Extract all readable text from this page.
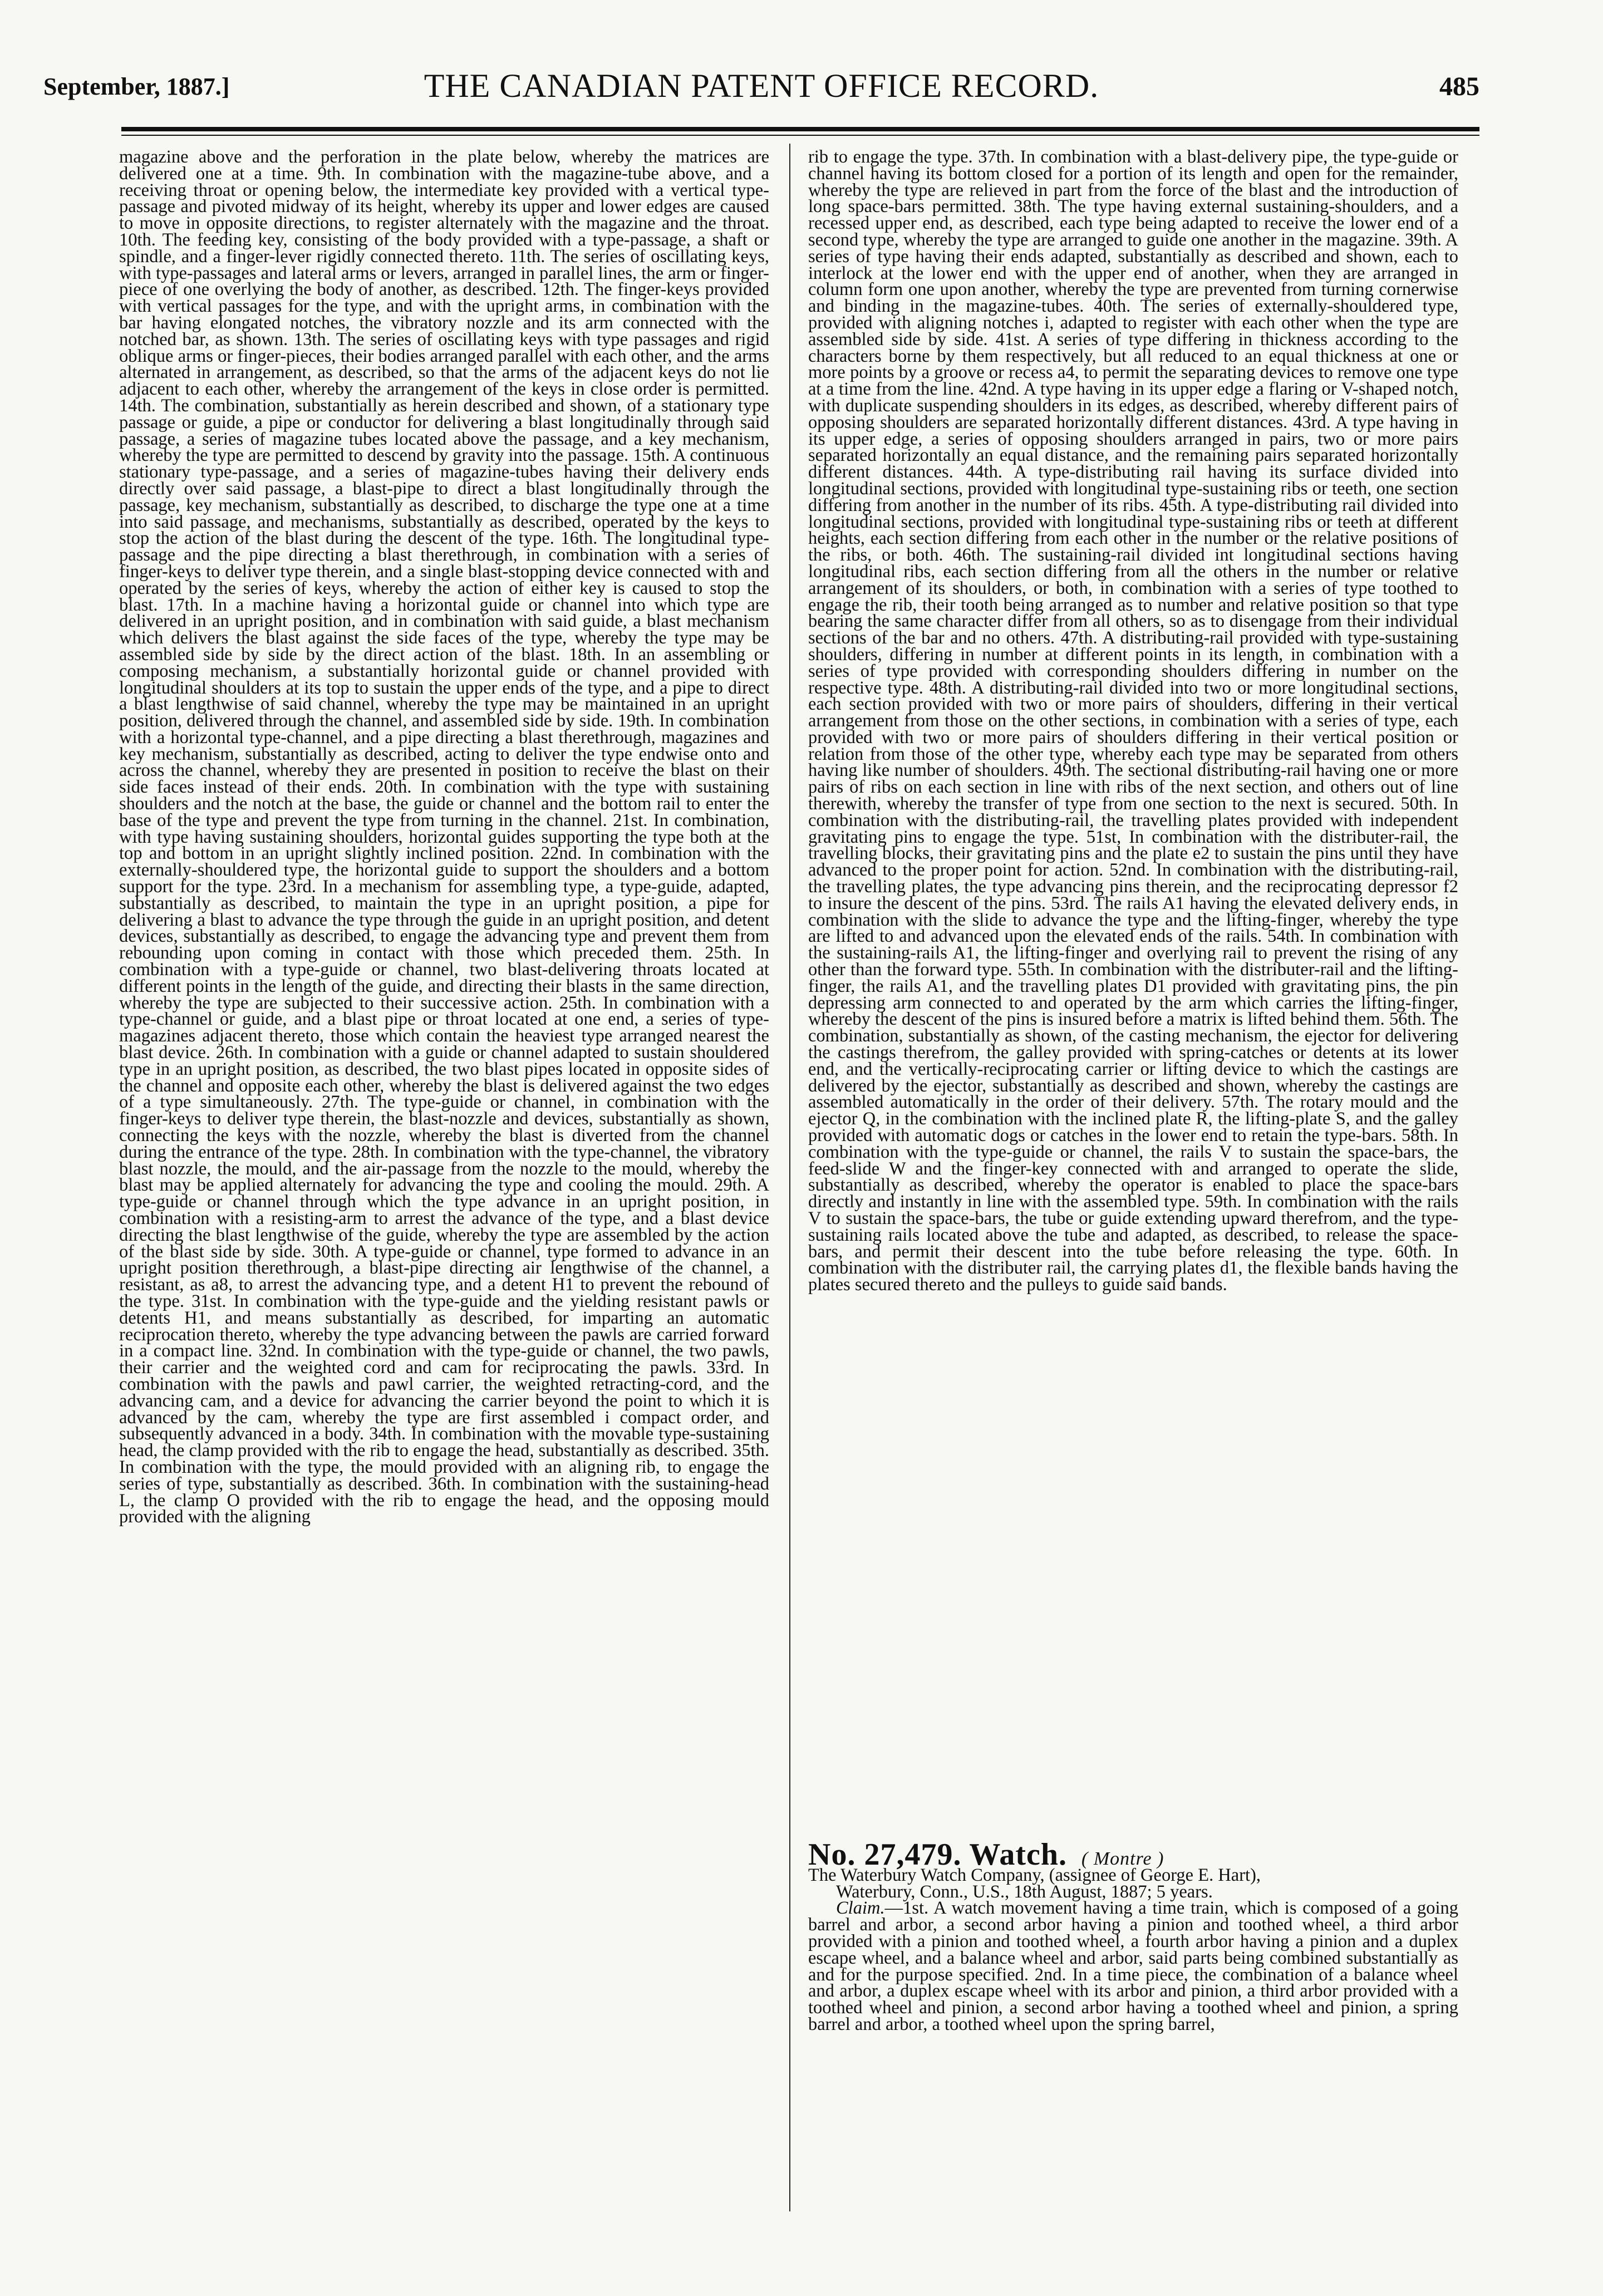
September, 1887.]	THE CANADIAN PATENT OFFICE RECORD.	485

magazine above and the perforation in the plate below, whereby the matrices are delivered one at a time. 9th. In combination with the magazine-tube above, and a receiving throat or opening below, the intermediate key provided with a vertical type-passage and pivoted midway of its height, whereby its upper and lower edges are caused to move in opposite directions, to register alternately with the magazine and the throat. 10th. The feeding key, consisting of the body provided with a type-passage, a shaft or spindle, and a finger-lever rigidly connected thereto. 11th. The series of oscillating keys, with type-passages and lateral arms or levers, arranged in parallel lines, the arm or finger-piece of one overlying the body of another, as described. 12th. The finger-keys provided with vertical passages for the type, and with the upright arms, in combination with the bar having elongated notches, the vibratory nozzle and its arm connected with the notched bar, as shown. 13th. The series of oscillating keys with type passages and rigid oblique arms or finger-pieces, their bodies arranged parallel with each other, and the arms alternated in arrangement, as described, so that the arms of the adjacent keys do not lie adjacent to each other, whereby the arrangement of the keys in close order is permitted. 14th. The combination, substantially as herein described and shown, of a stationary type passage or guide, a pipe or conductor for delivering a blast longitudinally through said passage, a series of magazine tubes located above the passage, and a key mechanism, whereby the type are permitted to descend by gravity into the passage. 15th. A continuous stationary type-passage, and a series of magazine-tubes having their delivery ends directly over said passage, a blast-pipe to direct a blast longitudinally through the passage, key mechanism, substantially as described, to discharge the type one at a time into said passage, and mechanisms, substantially as described, operated by the keys to stop the action of the blast during the descent of the type. 16th. The longitudinal type-passage and the pipe directing a blast therethrough, in combination with a series of finger-keys to deliver type therein, and a single blast-stopping device connected with and operated by the series of keys, whereby the action of either key is caused to stop the blast. 17th. In a machine having a horizontal guide or channel into which type are delivered in an upright position, and in combination with said guide, a blast mechanism which delivers the blast against the side faces of the type, whereby the type may be assembled side by side by the direct action of the blast. 18th. In an assembling or composing mechanism, a substantially horizontal guide or channel provided with longitudinal shoulders at its top to sustain the upper ends of the type, and a pipe to direct a blast lengthwise of said channel, whereby the type may be maintained in an upright position, delivered through the channel, and assembled side by side. 19th. In combination with a horizontal type-channel, and a pipe directing a blast therethrough, magazines and key mechanism, substantially as described, acting to deliver the type endwise onto and across the channel, whereby they are presented in position to receive the blast on their side faces instead of their ends. 20th. In combination with the type with sustaining shoulders and the notch at the base, the guide or channel and the bottom rail to enter the base of the type and prevent the type from turning in the channel. 21st. In combination, with type having sustaining shoulders, horizontal guides supporting the type both at the top and bottom in an upright slightly inclined position. 22nd. In combination with the externally-shouldered type, the horizontal guide to support the shoulders and a bottom support for the type. 23rd. In a mechanism for assembling type, a type-guide, adapted, substantially as described, to maintain the type in an upright position, a pipe for delivering a blast to advance the type through the guide in an upright position, and detent devices, substantially as described, to engage the advancing type and prevent them from rebounding upon coming in contact with those which preceded them. 25th. In combination with a type-guide or channel, two blast-delivering throats located at different points in the length of the guide, and directing their blasts in the same direction, whereby the type are subjected to their successive action. 25th. In combination with a type-channel or guide, and a blast pipe or throat located at one end, a series of type-magazines adjacent thereto, those which contain the heaviest type arranged nearest the blast device. 26th. In combination with a guide or channel adapted to sustain shouldered type in an upright position, as described, the two blast pipes located in opposite sides of the channel and opposite each other, whereby the blast is delivered against the two edges of a type simultaneously. 27th. The type-guide or channel, in combination with the finger-keys to deliver type therein, the blast-nozzle and devices, substantially as shown, connecting the keys with the nozzle, whereby the blast is diverted from the channel during the entrance of the type. 28th. In combination with the type-channel, the vibratory blast nozzle, the mould, and the air-passage from the nozzle to the mould, whereby the blast may be applied alternately for advancing the type and cooling the mould. 29th. A type-guide or channel through which the type advance in an upright position, in combination with a resisting-arm to arrest the advance of the type, and a blast device directing the blast lengthwise of the guide, whereby the type are assembled by the action of the blast side by side. 30th. A type-guide or channel, type formed to advance in an upright position therethrough, a blast-pipe directing air lengthwise of the channel, a resistant, as a8, to arrest the advancing type, and a detent H1 to prevent the rebound of the type. 31st. In combination with the type-guide and the yielding resistant pawls or detents H1, and means substantially as described, for imparting an automatic reciprocation thereto, whereby the type advancing between the pawls are carried forward in a compact line. 32nd. In combination with the type-guide or channel, the two pawls, their carrier and the weighted cord and cam for reciprocating the pawls. 33rd. In combination with the pawls and pawl carrier, the weighted retracting-cord, and the advancing cam, and a device for advancing the carrier beyond the point to which it is advanced by the cam, whereby the type are first assembled i compact order, and subsequently advanced in a body. 34th. In combination with the movable type-sustaining head, the clamp provided with the rib to engage the head, substantially as described. 35th. In combination with the type, the mould provided with an aligning rib, to engage the series of type, substantially as described. 36th. In combination with the sustaining-head L, the clamp O provided with the rib to engage the head, and the opposing mould provided with the aligning

rib to engage the type. 37th. In combination with a blast-delivery pipe, the type-guide or channel having its bottom closed for a portion of its length and open for the remainder, whereby the type are relieved in part from the force of the blast and the introduction of long space-bars permitted. 38th. The type having external sustaining-shoulders, and a recessed upper end, as described, each type being adapted to receive the lower end of a second type, whereby the type are arranged to guide one another in the magazine. 39th. A series of type having their ends adapted, substantially as described and shown, each to interlock at the lower end with the upper end of another, when they are arranged in column form one upon another, whereby the type are prevented from turning cornerwise and binding in the magazine-tubes. 40th. The series of externally-shouldered type, provided with aligning notches i, adapted to register with each other when the type are assembled side by side. 41st. A series of type differing in thickness according to the characters borne by them respectively, but all reduced to an equal thickness at one or more points by a groove or recess a4, to permit the separating devices to remove one type at a time from the line. 42nd. A type having in its upper edge a flaring or V-shaped notch, with duplicate suspending shoulders in its edges, as described, whereby different pairs of opposing shoulders are separated horizontally different distances. 43rd. A type having in its upper edge, a series of opposing shoulders arranged in pairs, two or more pairs separated horizontally an equal distance, and the remaining pairs separated horizontally different distances. 44th. A type-distributing rail having its surface divided into longitudinal sections, provided with longitudinal type-sustaining ribs or teeth, one section differing from another in the number of its ribs. 45th. A type-distributing rail divided into longitudinal sections, provided with longitudinal type-sustaining ribs or teeth at different heights, each section differing from each other in the number or the relative positions of the ribs, or both. 46th. The sustaining-rail divided int longitudinal sections having longitudinal ribs, each section differing from all the others in the number or relative arrangement of its shoulders, or both, in combination with a series of type toothed to engage the rib, their tooth being arranged as to number and relative position so that type bearing the same character differ from all others, so as to disengage from their individual sections of the bar and no others. 47th. A distributing-rail provided with type-sustaining shoulders, differing in number at different points in its length, in combination with a series of type provided with corresponding shoulders differing in number on the respective type. 48th. A distributing-rail divided into two or more longitudinal sections, each section provided with two or more pairs of shoulders, differing in their vertical arrangement from those on the other sections, in combination with a series of type, each provided with two or more pairs of shoulders differing in their vertical position or relation from those of the other type, whereby each type may be separated from others having like number of shoulders. 49th. The sectional distributing-rail having one or more pairs of ribs on each section in line with ribs of the next section, and others out of line therewith, whereby the transfer of type from one section to the next is secured. 50th. In combination with the distributing-rail, the travelling plates provided with independent gravitating pins to engage the type. 51st, In combination with the distributer-rail, the travelling blocks, their gravitating pins and the plate e2 to sustain the pins until they have advanced to the proper point for action. 52nd. In combination with the distributing-rail, the travelling plates, the type advancing pins therein, and the reciprocating depressor f2 to insure the descent of the pins. 53rd. The rails A1 having the elevated delivery ends, in combination with the slide to advance the type and the lifting-finger, whereby the type are lifted to and advanced upon the elevated ends of the rails. 54th. In combination with the sustaining-rails A1, the lifting-finger and overlying rail to prevent the rising of any other than the forward type. 55th. In combination with the distributer-rail and the lifting-finger, the rails A1, and the travelling plates D1 provided with gravitating pins, the pin depressing arm connected to and operated by the arm which carries the lifting-finger, whereby the descent of the pins is insured before a matrix is lifted behind them. 56th. The combination, substantially as shown, of the casting mechanism, the ejector for delivering the castings therefrom, the galley provided with spring-catches or detents at its lower end, and the vertically-reciprocating carrier or lifting device to which the castings are delivered by the ejector, substantially as described and shown, whereby the castings are assembled automatically in the order of their delivery. 57th. The rotary mould and the ejector Q, in the combination with the inclined plate R, the lifting-plate S, and the galley provided with automatic dogs or catches in the lower end to retain the type-bars. 58th. In combination with the type-guide or channel, the rails V to sustain the space-bars, the feed-slide W and the finger-key connected with and arranged to operate the slide, substantially as described, whereby the operator is enabled to place the space-bars directly and instantly in line with the assembled type. 59th. In combination with the rails V to sustain the space-bars, the tube or guide extending upward therefrom, and the type-sustaining rails located above the tube and adapted, as described, to release the space-bars, and permit their descent into the tube before releasing the type. 60th. In combination with the distributer rail, the carrying plates d1, the flexible bands having the plates secured thereto and the pulleys to guide said bands.

No. 27,479. Watch. ( Montre )

The Waterbury Watch Company, (assignee of George E. Hart),
Waterbury, Conn., U.S., 18th August, 1887; 5 years.

Claim.—1st. A watch movement having a time train, which is composed of a going barrel and arbor, a second arbor having a pinion and toothed wheel, a third arbor provided with a pinion and toothed wheel, a fourth arbor having a pinion and a duplex escape wheel, and a balance wheel and arbor, said parts being combined substantially as and for the purpose specified. 2nd. In a time piece, the combination of a balance wheel and arbor, a duplex escape wheel with its arbor and pinion, a third arbor provided with a toothed wheel and pinion, a second arbor having a toothed wheel and pinion, a spring barrel and arbor, a toothed wheel upon the spring barrel,
